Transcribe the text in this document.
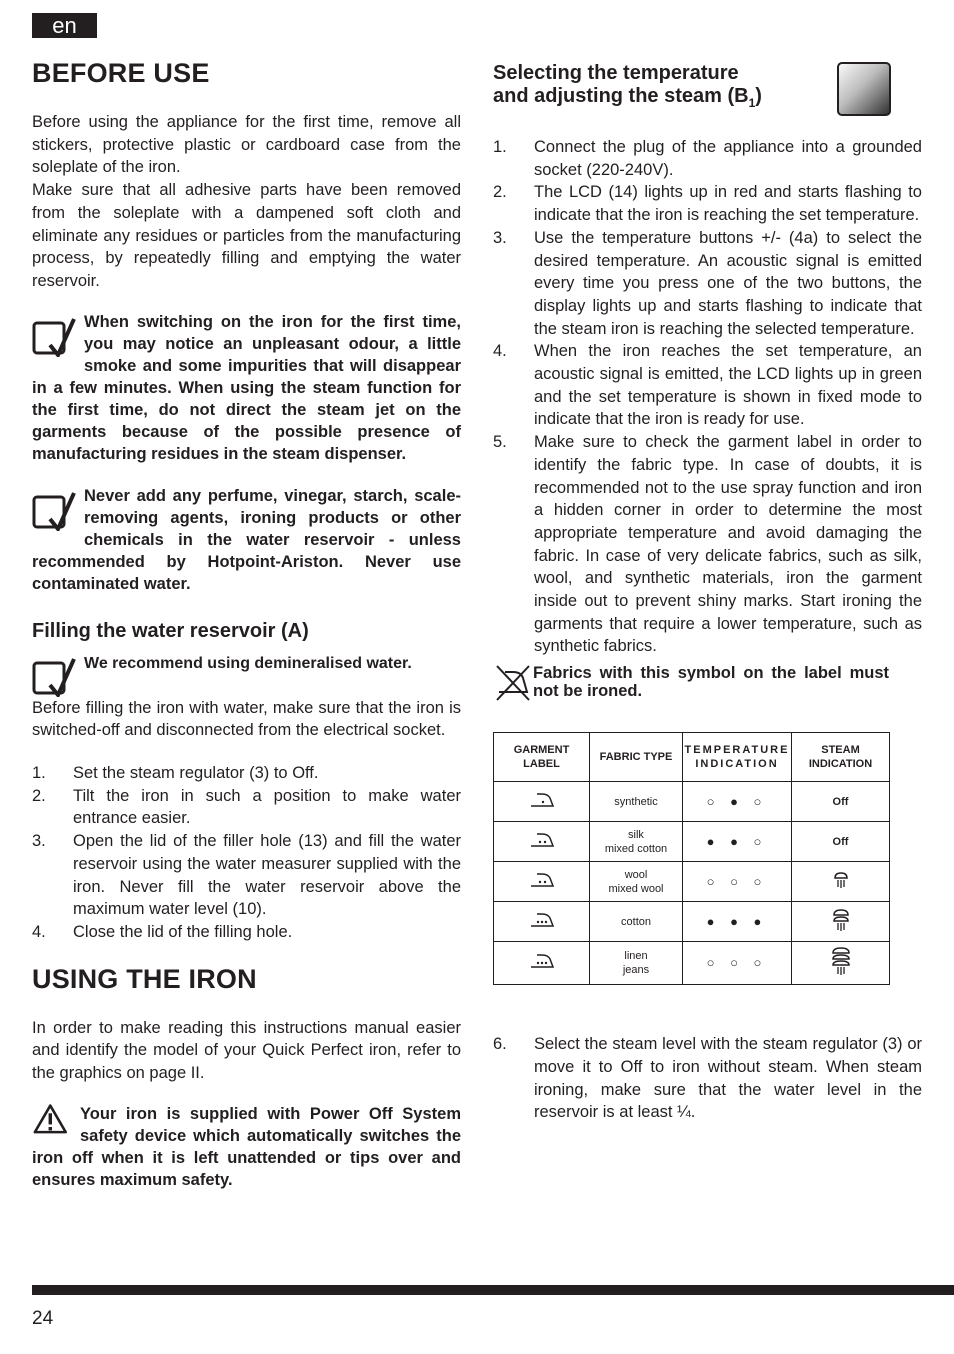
en
BEFORE USE

Before using the appliance for the first time, remove all stickers, protective plastic or cardboard case from the soleplate of the iron.

Make sure that all adhesive parts have been removed from the soleplate with a dampened soft cloth and eliminate any residues or particles from the manufacturing process, by repeatedly filling and emptying the water reservoir.

When switching on the iron for the first time, you may notice an unpleasant odour, a little smoke and some impurities that will disappear in a few minutes. When using the steam function for the first time, do not direct the steam jet on the garments because of the possible presence of manufacturing residues in the steam dispenser.
Never add any perfume, vinegar, starch, scale-removing agents, ironing products or other chemicals in the water reservoir - unless recommended by Hotpoint-Ariston. Never use contaminated water.
Filling the water reservoir (A)
We recommend using demineralised water.

Before filling the iron with water, make sure that the iron is switched-off and disconnected from the electrical socket.

1. Set the steam regulator (3) to Off.
2. Tilt the iron in such a position to make water entrance easier.
3. Open the lid of the filler hole (13) and fill the water reservoir using the water measurer supplied with the iron. Never fill the water reservoir above the maximum water level (10).
4. Close the lid of the filling hole.
USING THE IRON

In order to make reading this instructions manual easier and identify the model of your Quick Perfect iron, refer to the graphics on page II.

Your iron is supplied with Power Off System safety device which automatically switches the iron off when it is left unattended or tips over and ensures maximum safety.
Selecting the temperature
and adjusting the steam $(B_1)$
1. Connect the plug of the appliance into a grounded socket (220-240V).
2. The LCD (14) lights up in red and starts flashing to indicate that the iron is reaching the set temperature.
3. Use the temperature buttons +/- (4a) to select the desired temperature. An acoustic signal is emitted every time you press one of the two buttons, the display lights up and starts flashing to indicate that the steam iron is reaching the selected temperature.
4. When the iron reaches the set temperature, an acoustic signal is emitted, the LCD lights up in green and the set temperature is shown in fixed mode to indicate that the iron is ready for use.
5. Make sure to check the garment label in order to identify the fabric type. In case of doubts, it is recommended not to the use spray function and iron a hidden corner in order to determine the most appropriate temperature and avoid damaging the fabric. In case of very delicate fabrics, such as silk, wool, and synthetic materials, iron the garment inside out to prevent shiny marks. Start ironing the garments that require a lower temperature, such as synthetic fabrics.
Fabrics with this symbol on the label must not be ironed.
GARMENT LABEL	FABRIC TYPE	TEMPERATURE INDICATION	STEAM INDICATION
	synthetic	○ ● ○	Off
	silk
mixed cotton	● ● ○	Off
	wool
mixed wool	○ ○ ○	
	cotton	● ● ●	
	linen
jeans	○ ○ ○	
6. Select the steam level with the steam regulator (3) or move it to Off to iron without steam. When steam ironing, make sure that the water level in the reservoir is at least ¼.
24
